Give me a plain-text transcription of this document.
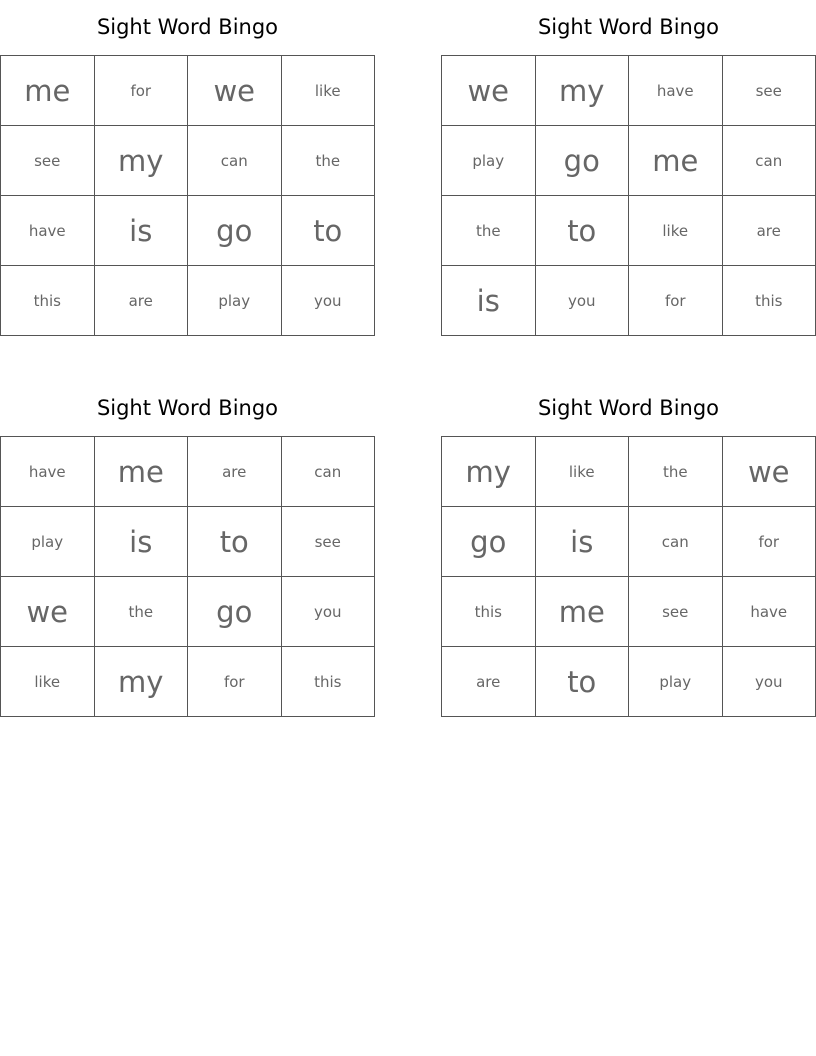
Sight Word Bingo
me	for	we	like
see	my	can	the
have	is	go	to
this	are	play	you
Sight Word Bingo
we	my	have	see
play	go	me	can
the	to	like	are
is	you	for	this
Sight Word Bingo
have	me	are	can
play	is	to	see
we	the	go	you
like	my	for	this
Sight Word Bingo
my	like	the	we
go	is	can	for
this	me	see	have
are	to	play	you
